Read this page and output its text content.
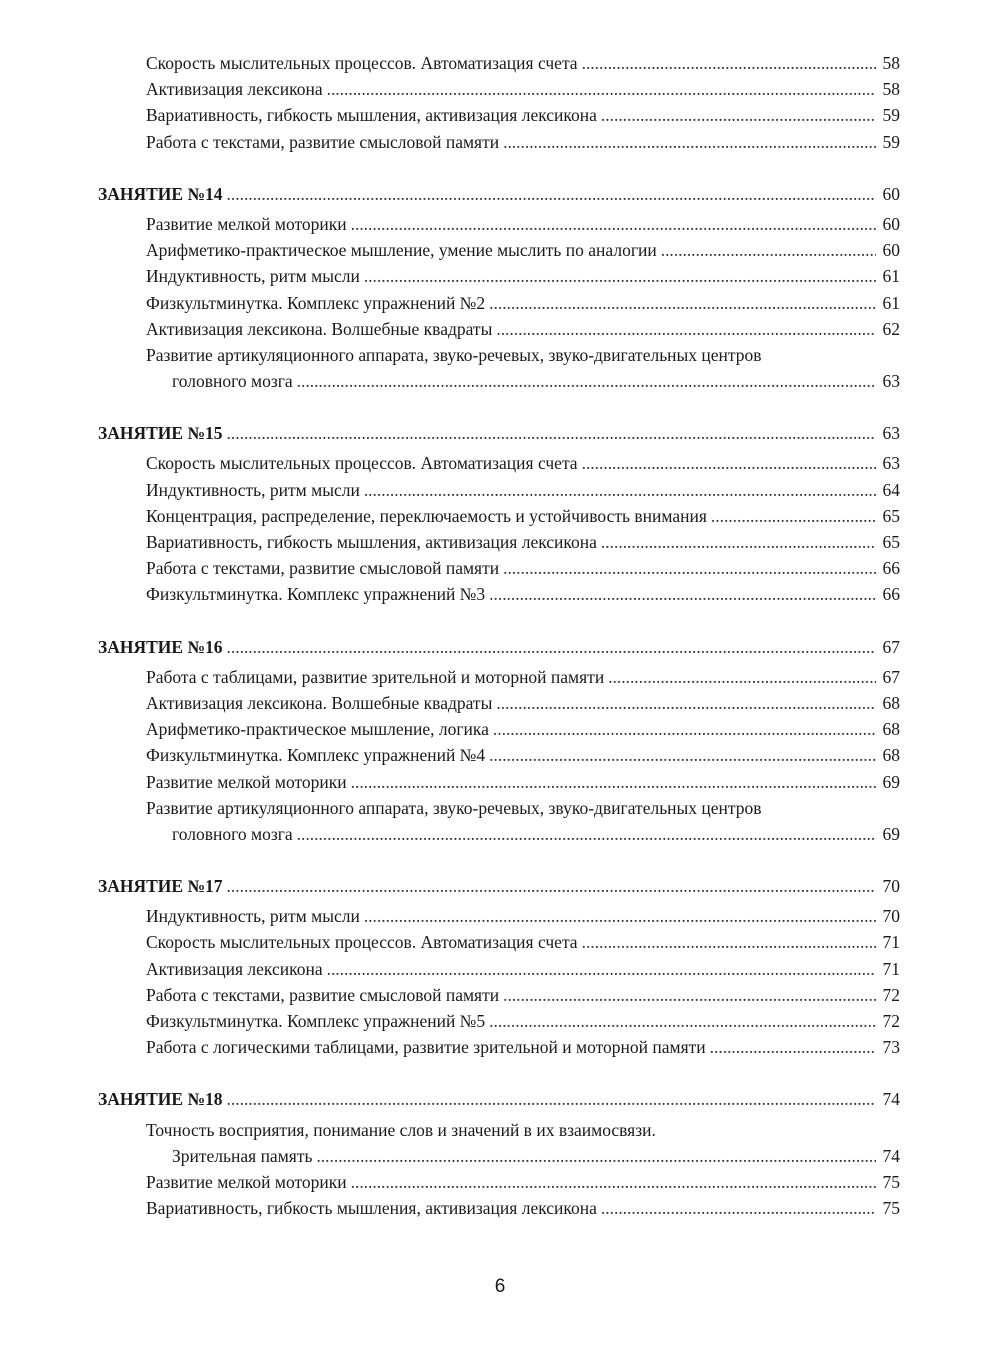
Скорость мыслительных процессов. Автоматизация счета . . .	58
Активизация лексикона . . .	58
Вариативность, гибкость мышления, активизация лексикона . . .	59
Работа с текстами, развитие смысловой памяти . . .	59
ЗАНЯТИЕ №14 . . .	60
Развитие мелкой моторики . . .	60
Арифметико-практическое мышление, умение мыслить по аналогии . . .	60
Индуктивность, ритм мысли . . .	61
Физкультминутка. Комплекс упражнений №2 . . .	61
Активизация лексикона. Волшебные квадраты . . .	62
Развитие артикуляционного аппарата, звуко-речевых, звуко-двигательных центров
головного мозга . . .	63
ЗАНЯТИЕ №15 . . .	63
Скорость мыслительных процессов. Автоматизация счета . . .	63
Индуктивность, ритм мысли . . .	64
Концентрация, распределение, переключаемость и устойчивость внимания . . .	65
Вариативность, гибкость мышления, активизация лексикона . . .	65
Работа с текстами, развитие смысловой памяти . . .	66
Физкультминутка. Комплекс упражнений №3 . . .	66
ЗАНЯТИЕ №16 . . .	67
Работа с таблицами, развитие зрительной и моторной памяти . . .	67
Активизация лексикона. Волшебные квадраты . . .	68
Арифметико-практическое мышление, логика . . .	68
Физкультминутка. Комплекс упражнений №4 . . .	68
Развитие мелкой моторики . . .	69
Развитие артикуляционного аппарата, звуко-речевых, звуко-двигательных центров
головного мозга . . .	69
ЗАНЯТИЕ №17 . . .	70
Индуктивность, ритм мысли . . .	70
Скорость мыслительных процессов. Автоматизация счета . . .	71
Активизация лексикона . . .	71
Работа с текстами, развитие смысловой памяти . . .	72
Физкультминутка. Комплекс упражнений №5 . . .	72
Работа с логическими таблицами, развитие зрительной и моторной памяти . . .	73
ЗАНЯТИЕ №18 . . .	74
Точность восприятия, понимание слов и значений в их взаимосвязи.
Зрительная память . . .	74
Развитие мелкой моторики . . .	75
Вариативность, гибкость мышления, активизация лексикона . . .	75
6
